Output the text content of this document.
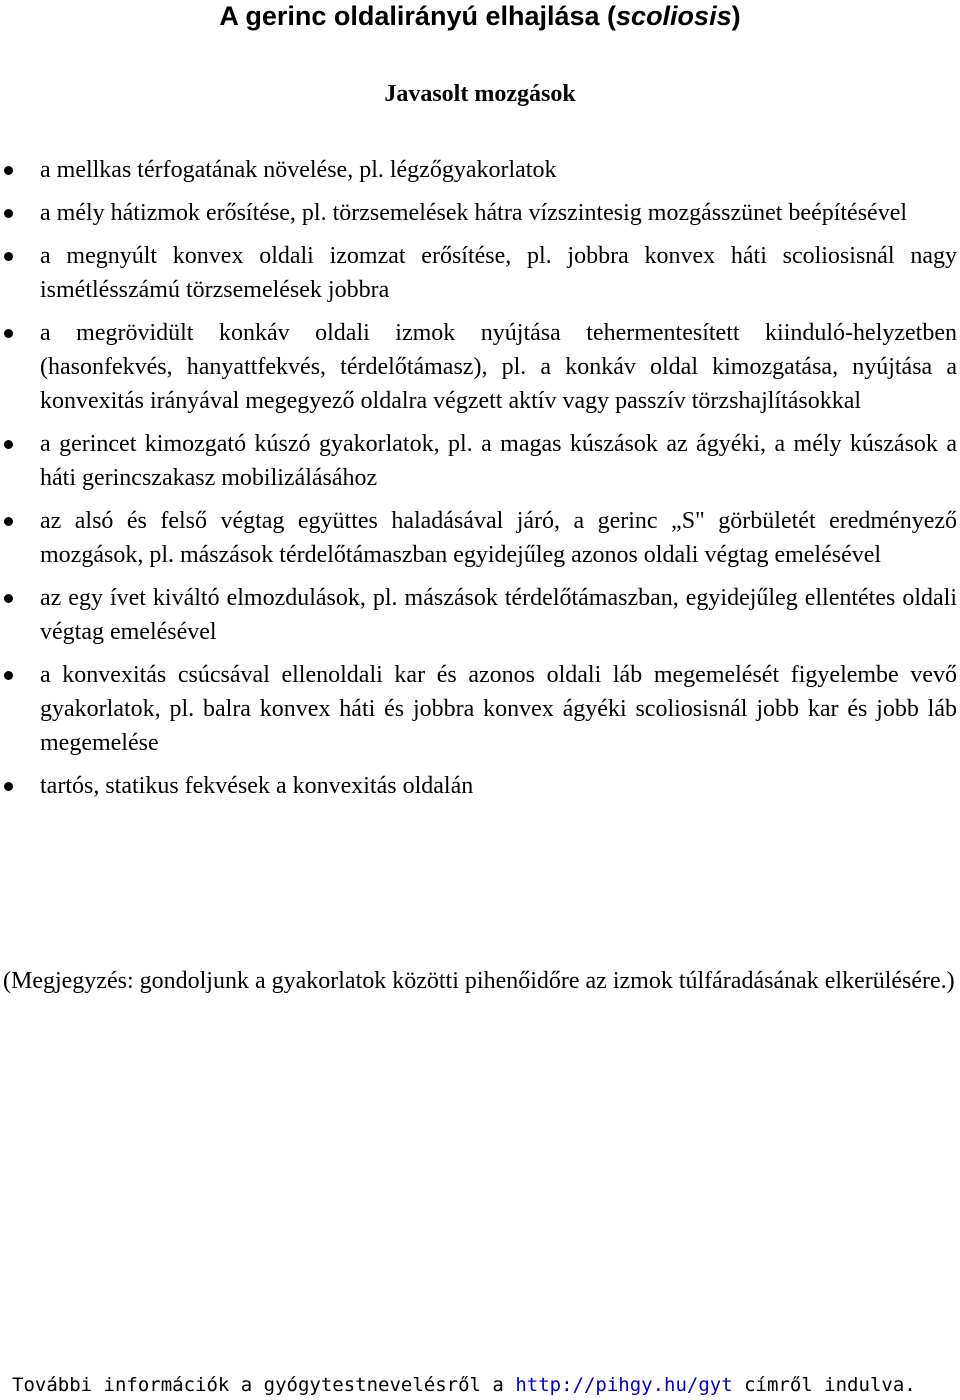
A gerinc oldalirányú elhajlása (scoliosis)
Javasolt mozgások
a mellkas térfogatának növelése, pl. légzőgyakorlatok
a mély hátizmok erősítése, pl. törzsemelések hátra vízszintesig mozgásszünet beépítésével
a megnyúlt konvex oldali izomzat erősítése, pl. jobbra konvex háti scoliosisnál nagy ismétlésszámú törzsemelések jobbra
a megrövidült konkáv oldali izmok nyújtása tehermentesített kiinduló-helyzetben (hasonfekvés, hanyattfekvés, térdelőtámasz), pl. a konkáv oldal kimozgatása, nyújtása a konvexitás irányával megegyező oldalra végzett aktív vagy passzív törzshajlításokkal
a gerincet kimozgató kúszó gyakorlatok, pl. a magas kúszások az ágyéki, a mély kúszások a háti gerincszakasz mobilizálásához
az alsó és felső végtag együttes haladásával járó, a gerinc „S" görbületét eredményező mozgások, pl. mászások térdelőtámaszban egyidejűleg azonos oldali végtag emelésével
az egy ívet kiváltó elmozdulások, pl. mászások térdelőtámaszban, egyidejűleg ellentétes oldali végtag emelésével
a konvexitás csúcsával ellenoldali kar és azonos oldali láb megemelését figyelembe vevő gyakorlatok, pl. balra konvex háti és jobbra konvex ágyéki scoliosisnál jobb kar és jobb láb megemelése
tartós, statikus fekvések a konvexitás oldalán

(Megjegyzés: gondoljunk a gyakorlatok közötti pihenőidőre az izmok túlfáradásának elkerülésére.)

További információk a gyógytestnevelésről a http://pihgy.hu/gyt címről indulva.
